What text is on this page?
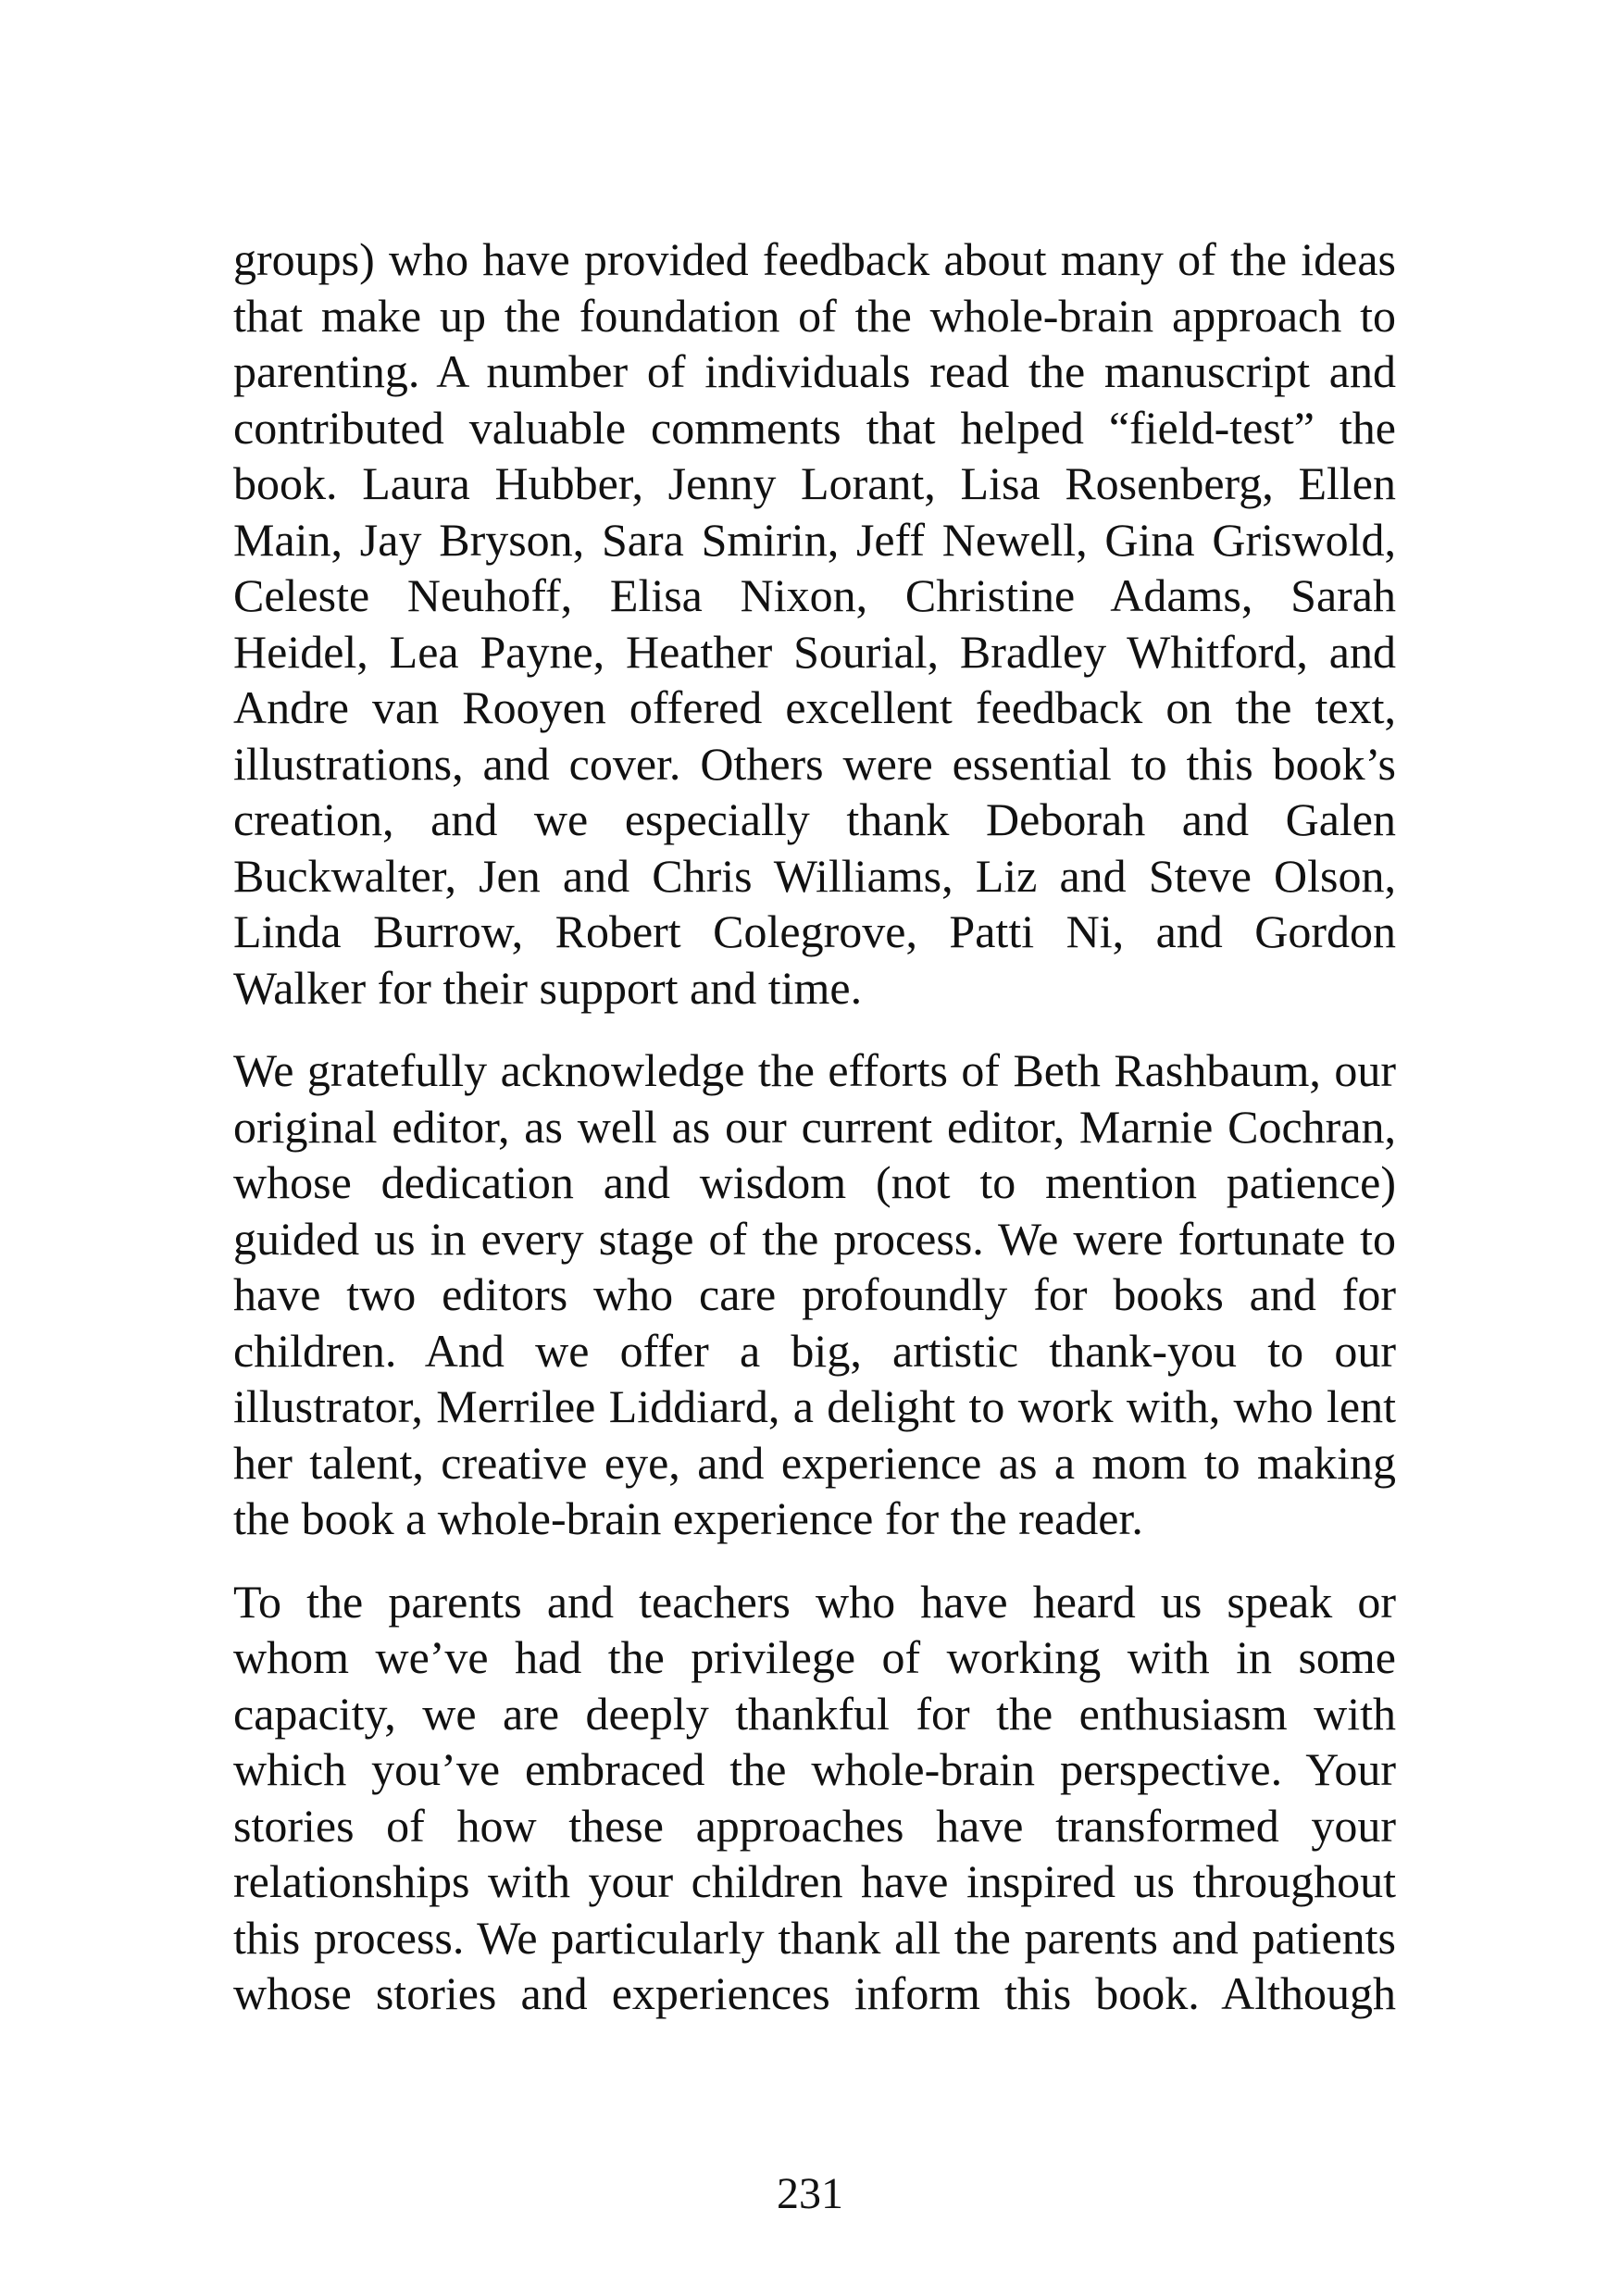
groups) who have provided feedback about many of the ideas
that make up the foundation of the whole-brain approach to
parenting. A number of individuals read the manuscript and
contributed valuable comments that helped “field-test” the
book. Laura Hubber, Jenny Lorant, Lisa Rosenberg, Ellen
Main, Jay Bryson, Sara Smirin, Jeff Newell, Gina Griswold,
Celeste Neuhoff, Elisa Nixon, Christine Adams, Sarah
Heidel, Lea Payne, Heather Sourial, Bradley Whitford, and
Andre van Rooyen offered excellent feedback on the text,
illustrations, and cover. Others were essential to this book’s
creation, and we especially thank Deborah and Galen
Buckwalter, Jen and Chris Williams, Liz and Steve Olson,
Linda Burrow, Robert Colegrove, Patti Ni, and Gordon
Walker for their support and time.

We gratefully acknowledge the efforts of Beth Rashbaum, our
original editor, as well as our current editor, Marnie Cochran,
whose dedication and wisdom (not to mention patience)
guided us in every stage of the process. We were fortunate to
have two editors who care profoundly for books and for
children. And we offer a big, artistic thank-you to our
illustrator, Merrilee Liddiard, a delight to work with, who lent
her talent, creative eye, and experience as a mom to making
the book a whole-brain experience for the reader.

To the parents and teachers who have heard us speak or
whom we’ve had the privilege of working with in some
capacity, we are deeply thankful for the enthusiasm with
which you’ve embraced the whole-brain perspective. Your
stories of how these approaches have transformed your
relationships with your children have inspired us throughout
this process. We particularly thank all the parents and patients
whose stories and experiences inform this book. Although

231
